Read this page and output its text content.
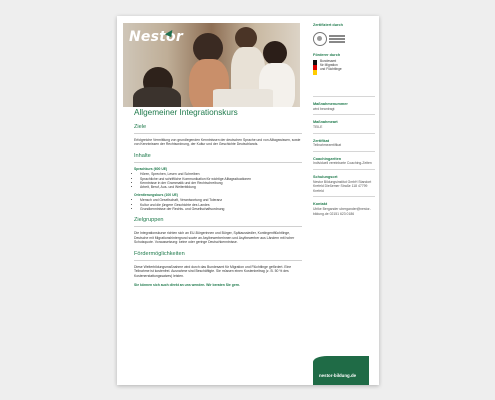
Nestor
Zertifiziert durch
Förderer durch
Bundesamt
für Migration
und Flüchtlinge
Maßnahmenummer
wird beantragt
Maßnahmeart
TEILE
Zertifikat
Teilnahmezertifikat
Coachingzeiten
Individuell vereinbarte Coaching-Zeiten
Schulungsort
Nestor Bildungsinstitut GmbH Standort Krefeld Dießemer Straße 118 47799 Krefeld
Kontakt
Ulrike Bergander ubergander@nestor-bildung.de 02151 623 0186
nestor-bildung.de
Allgemeiner Integrationskurs
Ziele

Erfolgreiche Vermittlung von grundlegenden Kenntnissen der deutschen Sprache und von Alltagswissen, sowie von Kenntnissen der Rechtsordnung, der Kultur und der Geschichte Deutschlands.

Inhalte
Sprachkurs (600 UE)
• Hören, Sprechen, Lesen und Schreiben
• Sprachliche und schriftliche Kommunikation für wichtige Alltagssituationen
• Kenntnisse in der Grammatik und der Rechtschreibung
• Arbeit, Beruf, Aus- und Weiterbildung
Orientierungskurs (100 UE)
• Mensch und Gesellschaft, Verantwortung und Toleranz
• Kultur und die jüngere Geschichte des Landes
• Grundkenntnisse der Rechts- und Gesellschaftsordnung
Zielgruppen

Die Integrationskurse richten sich an EU-Bürgerinnen und Bürger, Spätaussiedler, Kontingentflüchtlinge, Deutsche mit Migrationshintergrund sowie an Asylbewerberinnen und Asylbewerber aus Ländern mit hoher Schutzquote. Voraussetzung: keine oder geringe Deutschkenntnisse.

Fördermöglichkeiten

Diese Weiterbildungsmaßnahme wird durch das Bundesamt für Migration und Flüchtlinge gefördert. Eine Teilnahme ist kostenfrei. Ausnahme sind Beschäftigte. Sie müssen einen Kostenbeitrag (z. B. 50 % des Kostenerstattungssatzes) leisten.

Sie können sich auch direkt an uns wenden. Wir beraten Sie gern.
